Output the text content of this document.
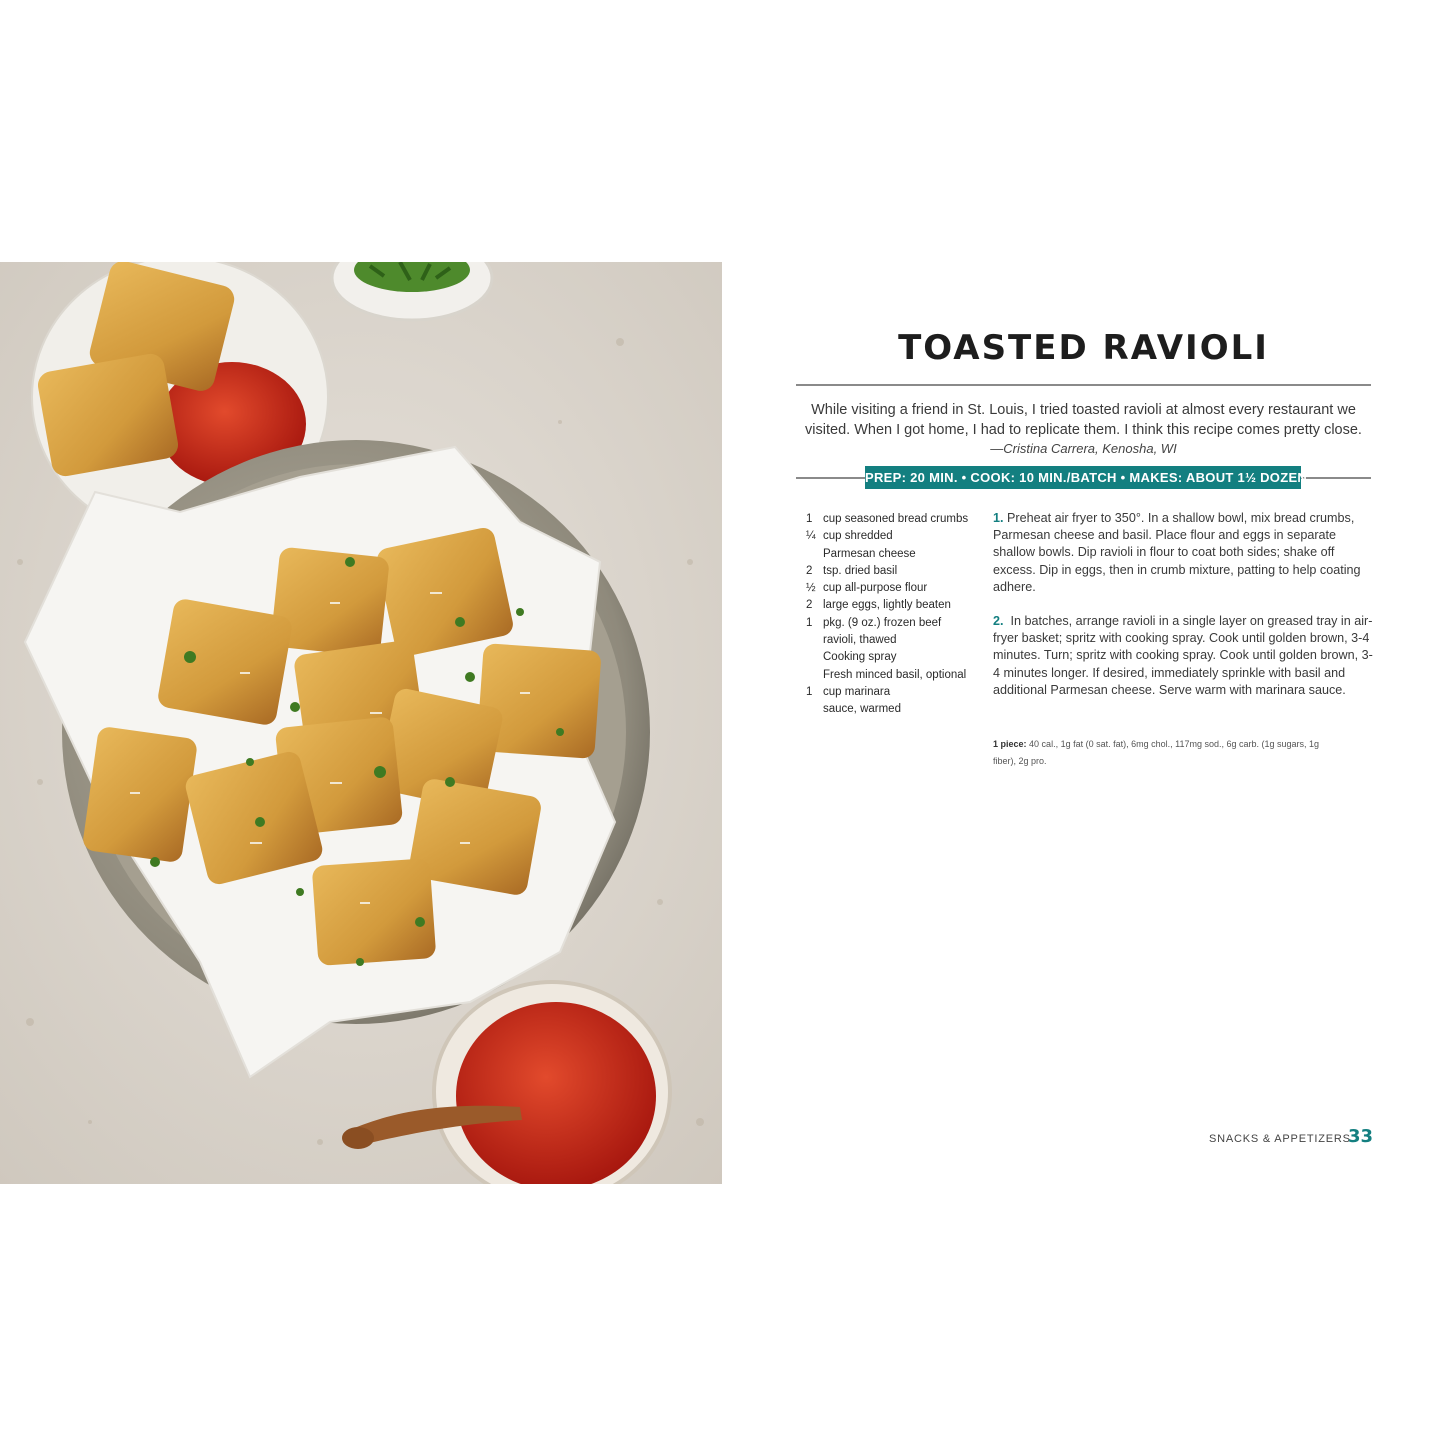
TOASTED RAVIOLI

While visiting a friend in St. Louis, I tried toasted ravioli at almost every restaurant we visited. When I got home, I had to replicate them. I think this recipe comes pretty close.

—Cristina Carrera, Kenosha, WI

PREP: 20 MIN. • COOK: 10 MIN./BATCH • MAKES: ABOUT 1½ DOZEN
1 cup seasoned bread crumbs
¼ cup shredded
Parmesan cheese
2 tsp. dried basil
½ cup all-purpose flour
2 large eggs, lightly beaten
1 pkg. (9 oz.) frozen beef
ravioli, thawed
Cooking spray
Fresh minced basil, optional
1 cup marinara
sauce, warmed

1. Preheat air fryer to 350°. In a shallow bowl, mix bread crumbs, Parmesan cheese and basil. Place flour and eggs in separate shallow bowls. Dip ravioli in flour to coat both sides; shake off excess. Dip in eggs, then in crumb mixture, patting to help coating adhere.

2. In batches, arrange ravioli in a single layer on greased tray in air-fryer basket; spritz with cooking spray. Cook until golden brown, 3-4 minutes. Turn; spritz with cooking spray. Cook until golden brown, 3-4 minutes longer. If desired, immediately sprinkle with basil and additional Parmesan cheese. Serve warm with marinara sauce.

1 piece: 40 cal., 1g fat (0 sat. fat), 6mg chol., 117mg sod., 6g carb. (1g sugars, 1g fiber), 2g pro.
SNACKS & APPETIZERS
33
